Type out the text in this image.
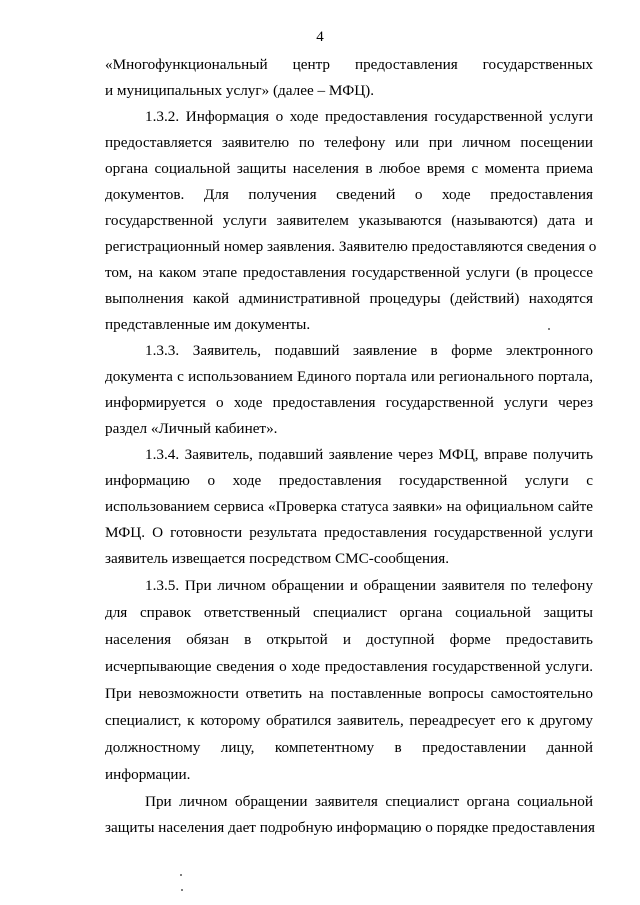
4
«Многофункциональный центр предоставления государственных
и муниципальных услуг» (далее – МФЦ).
1.3.2. Информация о ходе предоставления государственной услуги
предоставляется заявителю по телефону или при личном посещении
органа социальной защиты населения в любое время с момента приема
документов. Для получения сведений о ходе предоставления
государственной услуги заявителем указываются (называются) дата и
регистрационный номер заявления. Заявителю предоставляются сведения о
том, на каком этапе предоставления государственной услуги (в процессе
выполнения какой административной процедуры (действий) находятся
представленные им документы.
1.3.3. Заявитель, подавший заявление в форме электронного
документа с использованием Единого портала или регионального портала,
информируется о ходе предоставления государственной услуги через
раздел «Личный кабинет».
1.3.4. Заявитель, подавший заявление через МФЦ, вправе получить
информацию о ходе предоставления государственной услуги с
использованием сервиса «Проверка статуса заявки» на официальном сайте
МФЦ. О готовности результата предоставления государственной услуги
заявитель извещается посредством СМС-сообщения.
1.3.5. При личном обращении и обращении заявителя по телефону
для справок ответственный специалист органа социальной защиты
населения обязан в открытой и доступной форме предоставить
исчерпывающие сведения о ходе предоставления государственной услуги.
При невозможности ответить на поставленные вопросы самостоятельно
специалист, к которому обратился заявитель, переадресует его к другому
должностному лицу, компетентному в предоставлении данной
информации.
При личном обращении заявителя специалист органа социальной
защиты населения дает подробную информацию о порядке предоставления
